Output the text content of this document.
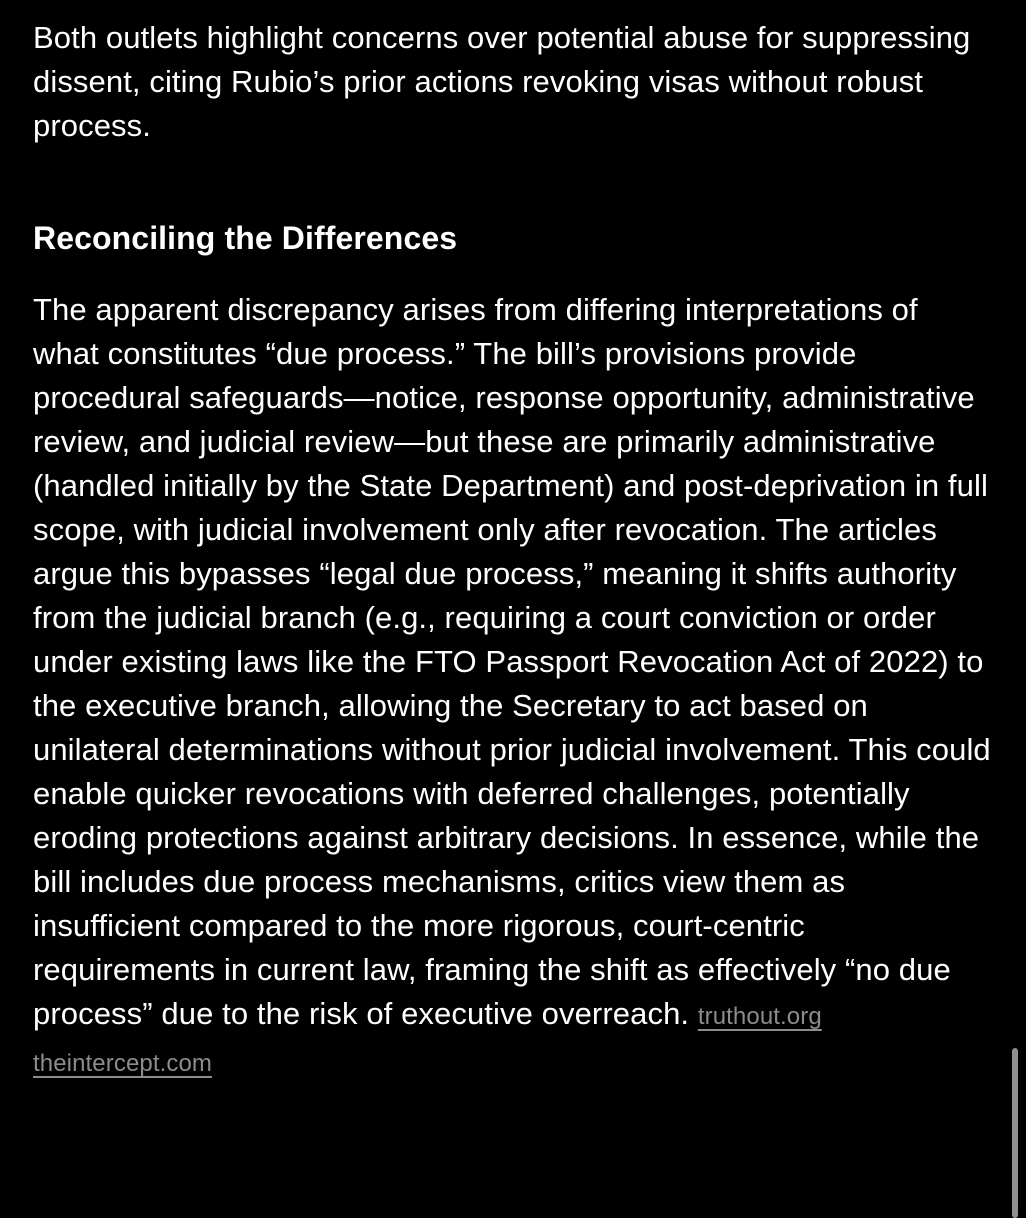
Both outlets highlight concerns over potential abuse for suppressing dissent, citing Rubio’s prior actions revoking visas without robust process.

Reconciling the Differences

The apparent discrepancy arises from differing interpretations of what constitutes “due process.” The bill’s provisions provide procedural safeguards—notice, response opportunity, administrative review, and judicial review—but these are primarily administrative (handled initially by the State Department) and post-deprivation in full scope, with judicial involvement only after revocation. The articles argue this bypasses “legal due process,” meaning it shifts authority from the judicial branch (e.g., requiring a court conviction or order under existing laws like the FTO Passport Revocation Act of 2022) to the executive branch, allowing the Secretary to act based on unilateral determinations without prior judicial involvement. This could enable quicker revocations with deferred challenges, potentially eroding protections against arbitrary decisions. In essence, while the bill includes due process mechanisms, critics view them as insufficient compared to the more rigorous, court-centric requirements in current law, framing the shift as effectively “no due process” due to the risk of executive overreach. truthout.org theintercept.com
